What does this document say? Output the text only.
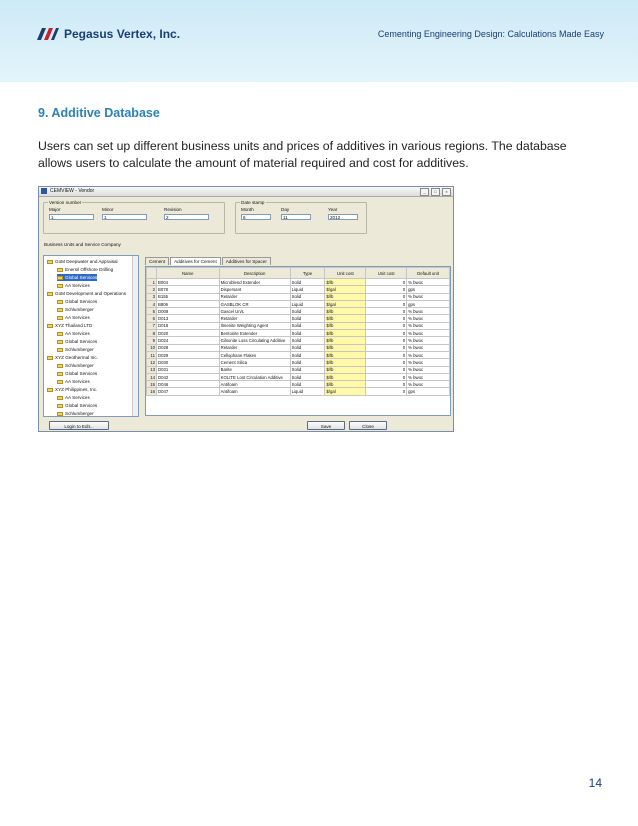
Pegasus Vertex, Inc.	Cementing Engineering Design: Calculations Made Easy
9. Additive Database
Users can set up different business units and prices of additives in various regions. The database allows users to calculate the amount of material required and cost for additives.
CEMVIEW - Vendor	_	□	×
Version number
Major
1
Minor
1
Revision
2
Date stamp
Month
6
Day
11
Year
2012
Business Units and Service Company
GoM Deepwater and Appraisal
Enersil Offshore Drilling
Global Services
AA Services
GoM Development and Operations
Global Services
Schlumberger
AA Services
XYZ Thailand LTD
AA Services
Global Services
Schlumberger
XYZ Geothermal Inc.
Schlumberger
Global Services
AA Services
XYZ Philippines, Inc.
AA Services
Global Services
Schlumberger
Cement	Additives for Cement	Additives for Spacer
	Name	Description	Type	Unit cost	Unit cost	Default unit
1	B004	Microblend Extender	Solid	$/lb	0	% bwoc
2	B078	Dispersant	Liquid	$/gal	0	gps
3	B155	Retarder	Solid	$/lb	0	% bwoc
4	B806	GASBLOK CR	Liquid	$/gal	0	gps
5	D008	Gascel Un/L	Solid	$/lb	0	% bwoc
6	D013	Retarder	Solid	$/lb	0	% bwoc
7	D018	Ilmenite Weighting Agent	Solid	$/lb	0	% bwoc
8	D020	Bentonite Extender	Solid	$/lb	0	% bwoc
9	D024	Gilsonite Loss Circulating Additive	Solid	$/lb	0	% bwoc
10	D028	Retarder	Solid	$/lb	0	% bwoc
11	D029	Cellophane Flakes	Solid	$/lb	0	% bwoc
12	D030	Cement Silica	Solid	$/lb	0	% bwoc
13	D031	Barite	Solid	$/lb	0	% bwoc
14	D042	KOLITE Lost Circulation Additive	Solid	$/lb	0	% bwoc
15	D046	Antifoam	Solid	$/lb	0	% bwoc
16	D047	Antifoam	Liquid	$/gal	0	gps
Login to Edit...	Save	Close
14
